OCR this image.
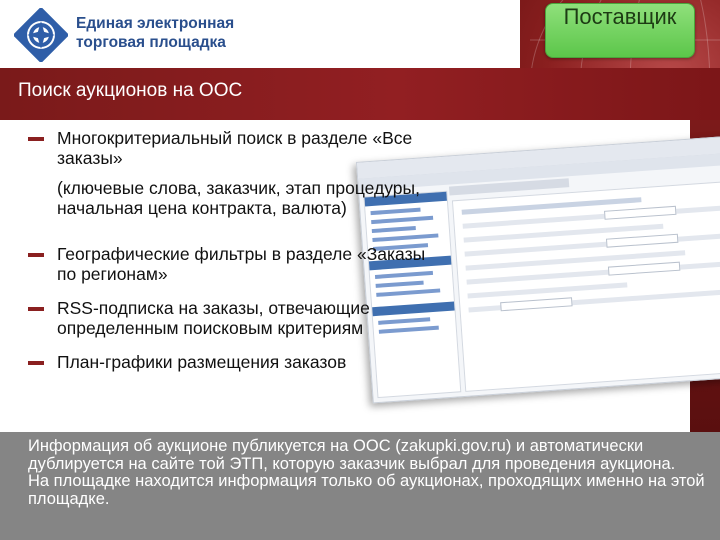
Единая электронная
торговая площадка
Поставщик
Поиск аукционов на ООС
Многокритериальный поиск в разделе «Все заказы»
(ключевые слова, заказчик, этап процедуры, начальная цена контракта, валюта)
Географические фильтры в разделе «Заказы по регионам»
RSS-подписка на заказы, отвечающие определенным поисковым критериям
План-графики размещения заказов
Информация об аукционе публикуется на ООС (zakupki.gov.ru) и автоматически дублируется на сайте той ЭТП, которую заказчик выбрал для проведения аукциона.
На площадке находится информация только об аукционах, проходящих именно на этой площадке.
